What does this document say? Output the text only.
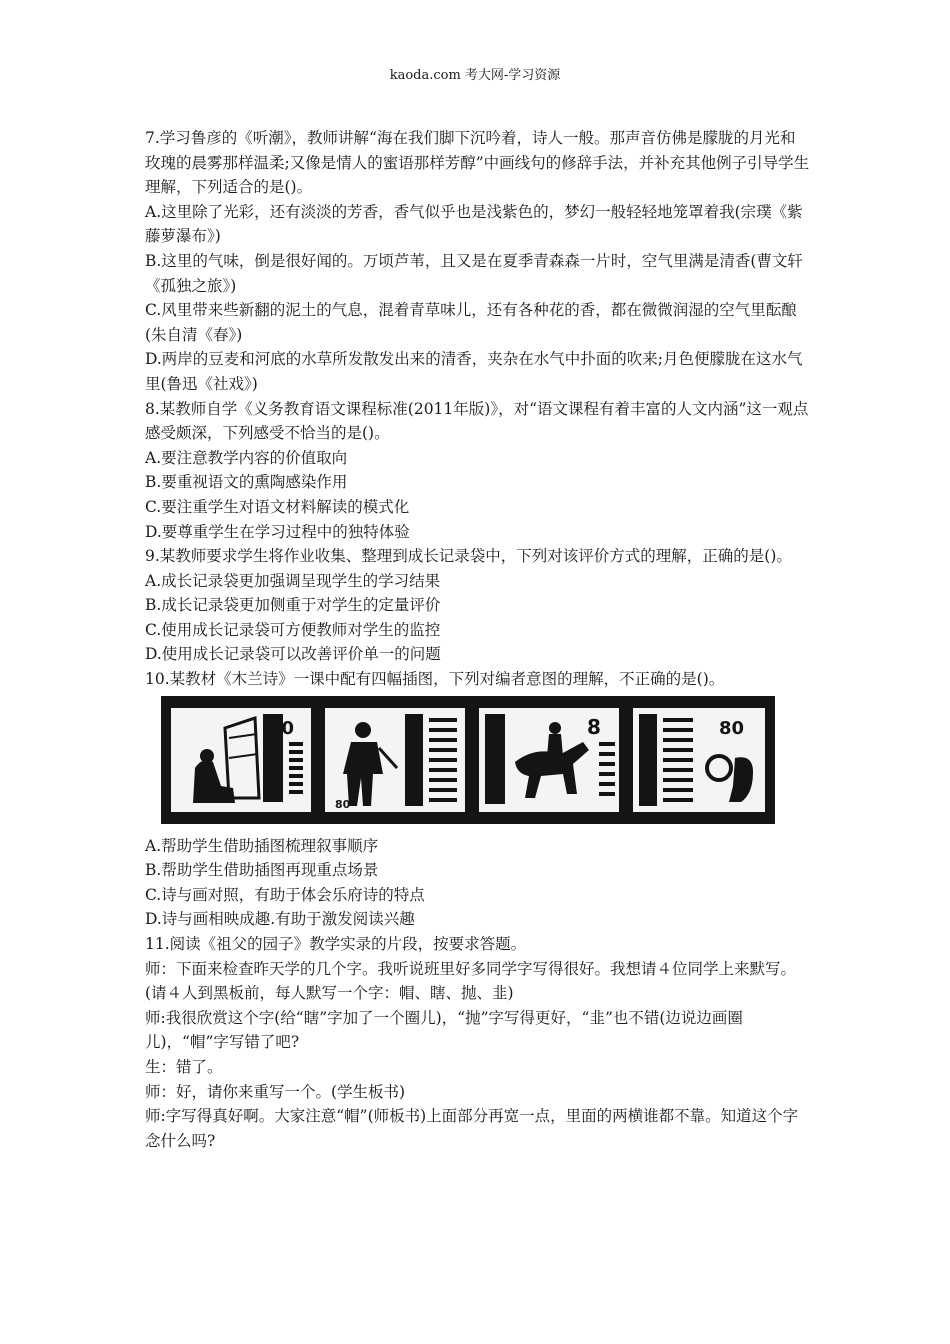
kaoda.com 考大网-学习资源

7.学习鲁彦的《听潮》，教师讲解“海在我们脚下沉吟着，诗人一般。那声音仿佛是朦胧的月光和玫瑰的晨雾那样温柔;又像是情人的蜜语那样芳醇”中画线句的修辞手法，并补充其他例子引导学生理解，下列适合的是()。

A.这里除了光彩，还有淡淡的芳香，香气似乎也是浅紫色的，梦幻一般轻轻地笼罩着我(宗璞《紫藤萝瀑布》)

B.这里的气味，倒是很好闻的。万顷芦苇，且又是在夏季青森森一片时，空气里满是清香(曹文轩《孤独之旅》)

C.风里带来些新翻的泥土的气息，混着青草味儿，还有各种花的香，都在微微润湿的空气里酝酿(朱自清《春》)

D.两岸的豆麦和河底的水草所发散发出来的清香，夹杂在水气中扑面的吹来;月色便朦胧在这水气里(鲁迅《社戏》)

8.某教师自学《义务教育语文课程标准(2011年版)》，对“语文课程有着丰富的人文内涵”这一观点感受颇深，下列感受不恰当的是()。

A.要注意教学内容的价值取向

B.要重视语文的熏陶感染作用

C.要注重学生对语文材料解读的模式化

D.要尊重学生在学习过程中的独特体验

9.某教师要求学生将作业收集、整理到成长记录袋中，下列对该评价方式的理解，正确的是()。

A.成长记录袋更加强调呈现学生的学习结果

B.成长记录袋更加侧重于对学生的定量评价

C.使用成长记录袋可方便教师对学生的监控

D.使用成长记录袋可以改善评价单一的问题

10.某教材《木兰诗》一课中配有四幅插图，下列对编者意图的理解，不正确的是()。

80
80
8	80

A.帮助学生借助插图梳理叙事顺序

B.帮助学生借助插图再现重点场景

C.诗与画对照，有助于体会乐府诗的特点

D.诗与画相映成趣.有助于激发阅读兴趣

11.阅读《祖父的园子》教学实录的片段，按要求答题。

师：下面来检查昨天学的几个字。我听说班里好多同学字写得很好。我想请４位同学上来默写。

(请４人到黑板前，每人默写一个字：帽、瞎、抛、韭)

师:我很欣赏这个字(给“瞎”字加了一个圈儿)，“抛”字写得更好，“韭”也不错(边说边画圈儿)，“帽”字写错了吧?

生：错了。

师：好，请你来重写一个。(学生板书)

师:字写得真好啊。大家注意“帽”(师板书)上面部分再宽一点，里面的两横谁都不靠。知道这个字念什么吗?
